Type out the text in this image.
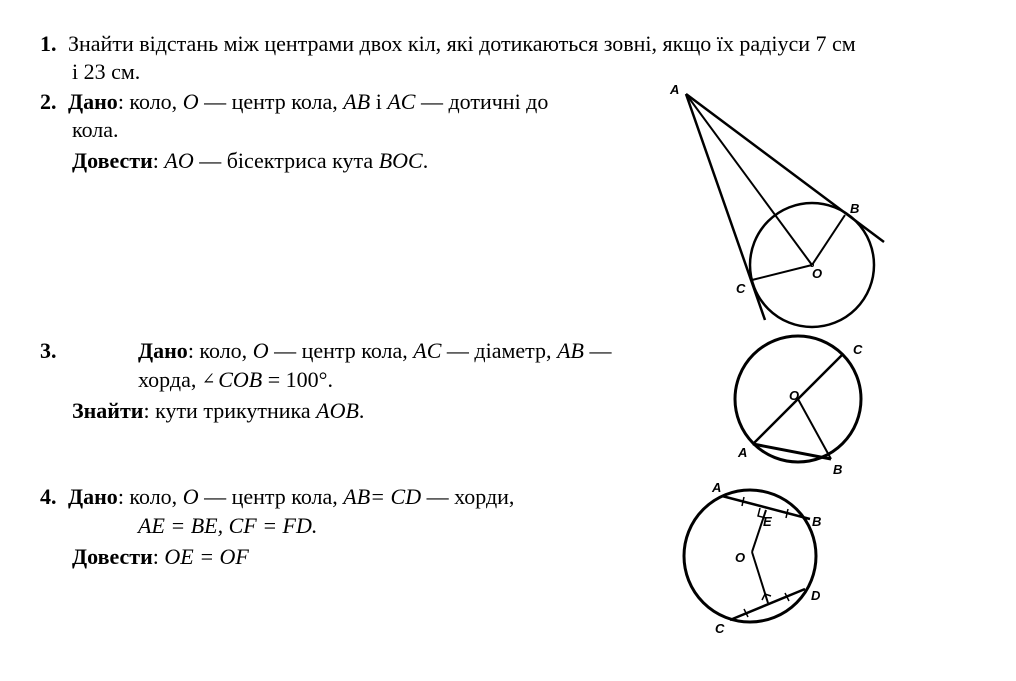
1. Знайти відстань між центрами двох кіл, які дотикаються зовні, якщо їх радіуси 7 см
і 23 см.
2. Дано: коло, O — центр кола, AB і AC — дотичні до
кола.
Довести: AO — бісектриса кута BOC.
A
B
C
O
3.	Дано: коло, O — центр кола, AC — діаметр, AB —
хорда, ∠ COB = 100°.
Знайти: кути трикутника AOB.
A
B
C
O
4. Дано: коло, O — центр кола, AB= CD — хорди,
AE = BE, CF = FD.
Довести: OE = OF
A
B
C
D
E
O
